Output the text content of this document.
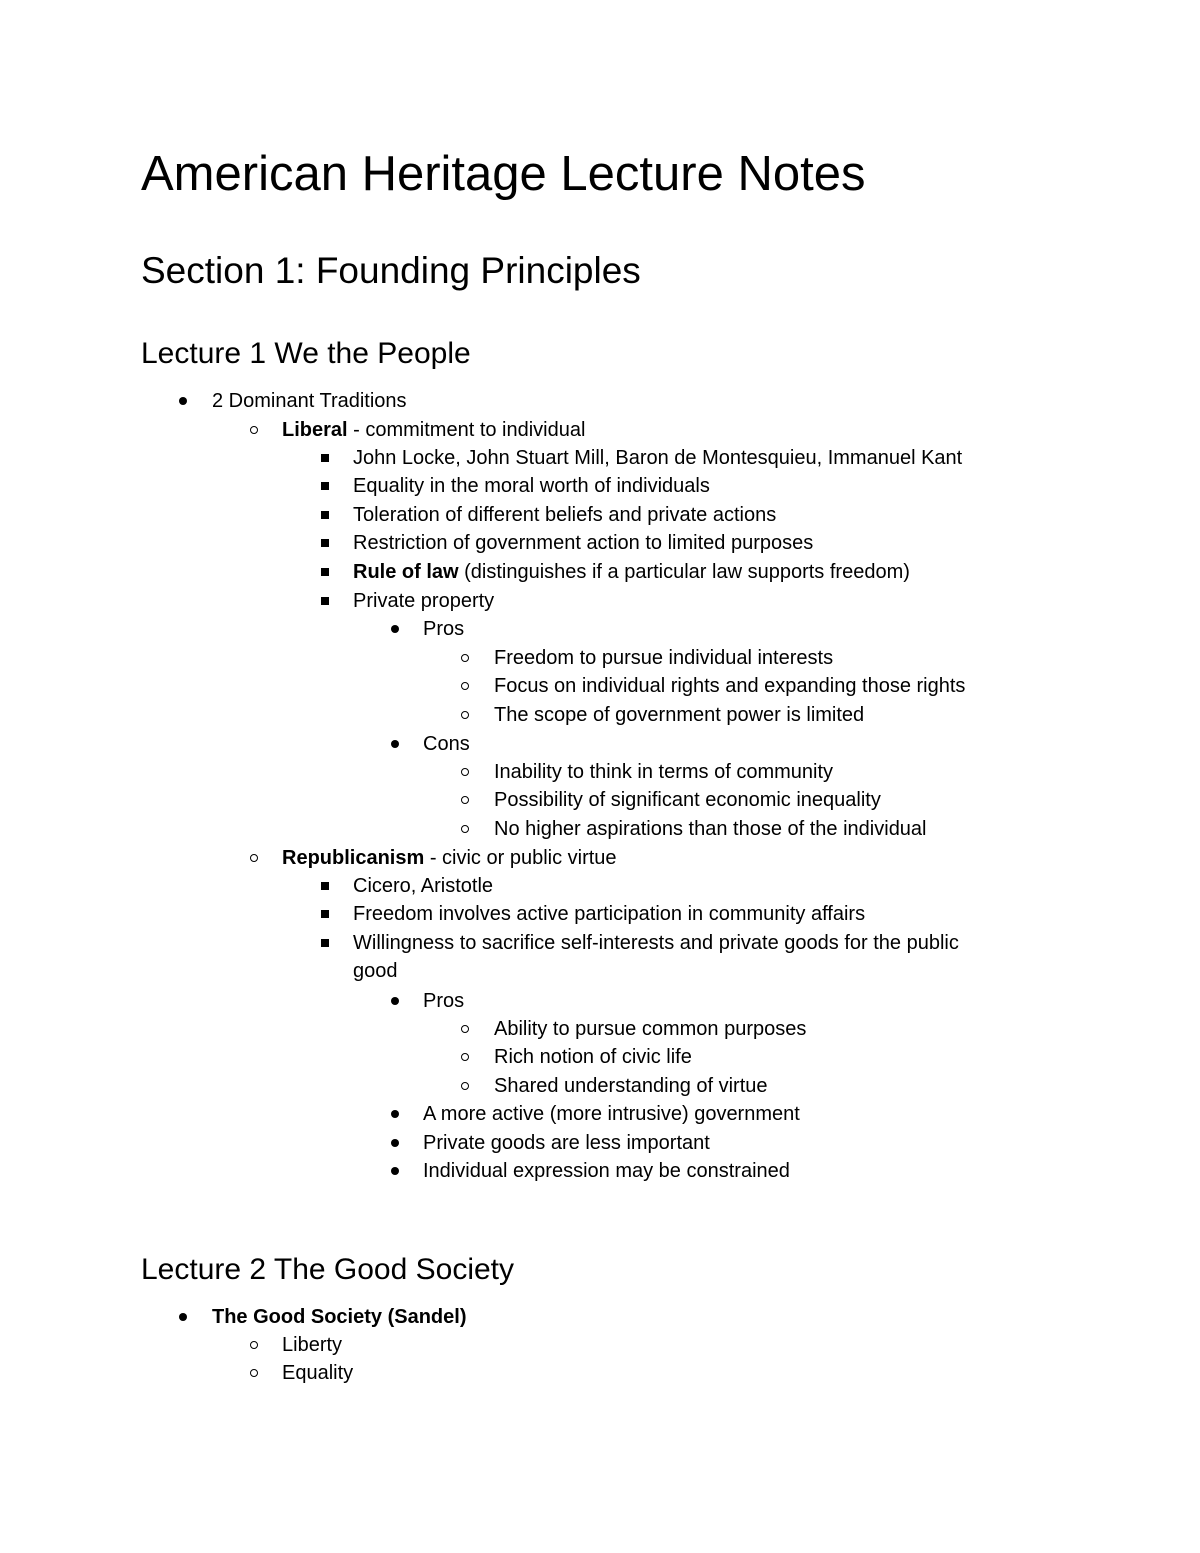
American Heritage Lecture Notes
Section 1: Founding Principles
Lecture 1 We the People
2 Dominant Traditions
Liberal - commitment to individual
John Locke, John Stuart Mill, Baron de Montesquieu, Immanuel Kant
Equality in the moral worth of individuals
Toleration of different beliefs and private actions
Restriction of government action to limited purposes
Rule of law (distinguishes if a particular law supports freedom)
Private property
Pros
Freedom to pursue individual interests
Focus on individual rights and expanding those rights
The scope of government power is limited
Cons
Inability to think in terms of community
Possibility of significant economic inequality
No higher aspirations than those of the individual
Republicanism - civic or public virtue
Cicero, Aristotle
Freedom involves active participation in community affairs
Willingness to sacrifice self-interests and private goods for the public
good
Pros
Ability to pursue common purposes
Rich notion of civic life
Shared understanding of virtue
A more active (more intrusive) government
Private goods are less important
Individual expression may be constrained
Lecture 2 The Good Society
The Good Society (Sandel)
Liberty
Equality
